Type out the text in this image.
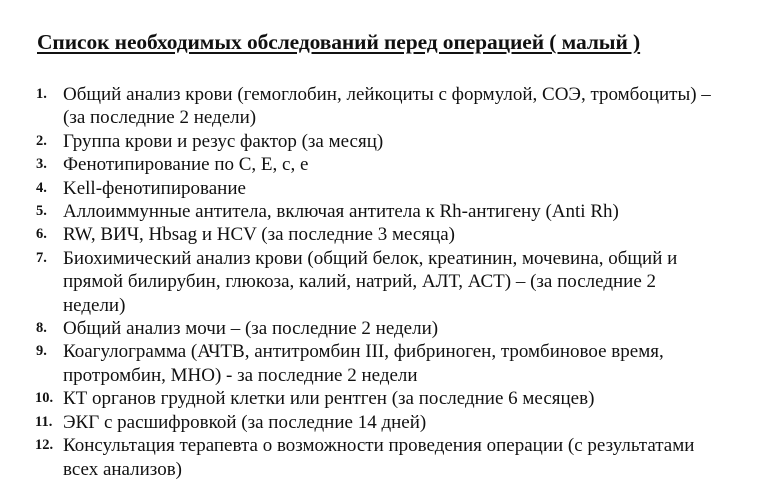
Список необходимых обследований перед операцией ( малый )
1. Общий анализ крови (гемоглобин, лейкоциты с формулой, СОЭ, тромбоциты) – (за последние 2 недели)
2. Группа крови и резус фактор (за месяц)
3. Фенотипирование по C, E, c, e
4. Kell-фенотипирование
5. Аллоиммунные антитела, включая антитела к Rh-антигену (Anti Rh)
6. RW, ВИЧ, Hbsag и HCV (за последние 3 месяца)
7. Биохимический анализ крови (общий белок, креатинин, мочевина, общий и прямой билирубин, глюкоза, калий, натрий, АЛТ, АСТ) – (за последние 2 недели)
8. Общий анализ мочи – (за последние 2 недели)
9. Коагулограмма (АЧТВ, антитромбин III, фибриноген, тромбиновое время, протромбин, МНО) - за последние 2 недели
10. КТ органов грудной клетки или рентген (за последние 6 месяцев)
11. ЭКГ с расшифровкой (за последние 14 дней)
12. Консультация терапевта о возможности проведения операции (с результатами всех анализов)
